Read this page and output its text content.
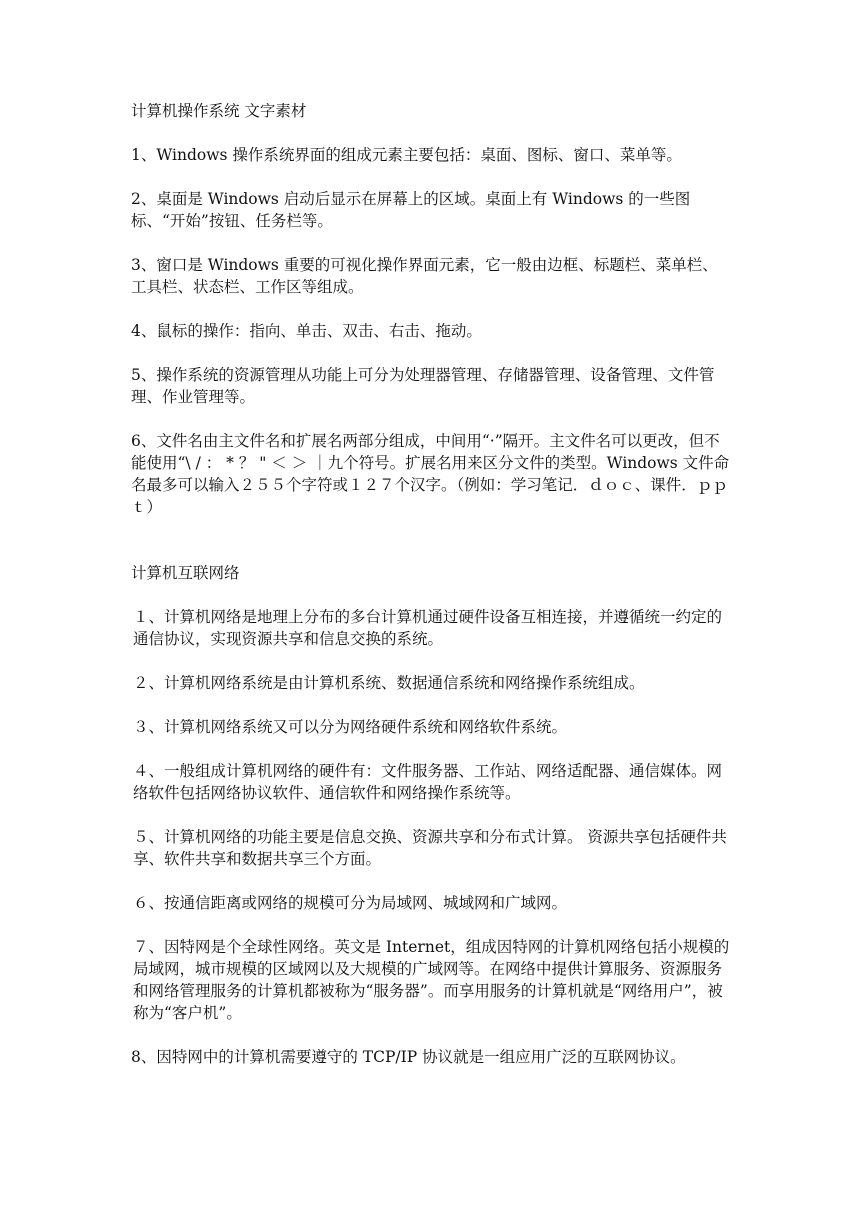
计算机操作系统 文字素材

1、Windows 操作系统界面的组成元素主要包括：桌面、图标、窗口、菜单等。

2、桌面是 Windows 启动后显示在屏幕上的区域。桌面上有 Windows 的一些图标、“开始”按钮、任务栏等。

3、窗口是 Windows 重要的可视化操作界面元素，它一般由边框、标题栏、菜单栏、工具栏、状态栏、工作区等组成。

4、鼠标的操作：指向、单击、双击、右击、拖动。

5、操作系统的资源管理从功能上可分为处理器管理、存储器管理、设备管理、文件管理、作业管理等。

6、文件名由主文件名和扩展名两部分组成，中间用“·”隔开。主文件名可以更改，但不能使用“\ / ： * ？ " ＜ ＞ ｜九个符号。扩展名用来区分文件的类型。Windows 文件命名最多可以输入２５５个字符或１２７个汉字。（例如：学习笔记．ｄｏｃ、课件．ｐｐｔ）

计算机互联网络

１、计算机网络是地理上分布的多台计算机通过硬件设备互相连接，并遵循统一约定的通信协议，实现资源共享和信息交换的系统。

２、计算机网络系统是由计算机系统、数据通信系统和网络操作系统组成。

３、计算机网络系统又可以分为网络硬件系统和网络软件系统。

４、一般组成计算机网络的硬件有：文件服务器、工作站、网络适配器、通信媒体。网络软件包括网络协议软件、通信软件和网络操作系统等。

５、计算机网络的功能主要是信息交换、资源共享和分布式计算。 资源共享包括硬件共享、软件共享和数据共享三个方面。

６、按通信距离或网络的规模可分为局域网、城域网和广域网。

７、因特网是个全球性网络。英文是 Internet，组成因特网的计算机网络包括小规模的局域网，城市规模的区域网以及大规模的广域网等。在网络中提供计算服务、资源服务和网络管理服务的计算机都被称为“服务器”。而享用服务的计算机就是“网络用户”，被称为“客户机”。

8、因特网中的计算机需要遵守的 TCP/IP 协议就是一组应用广泛的互联网协议。
